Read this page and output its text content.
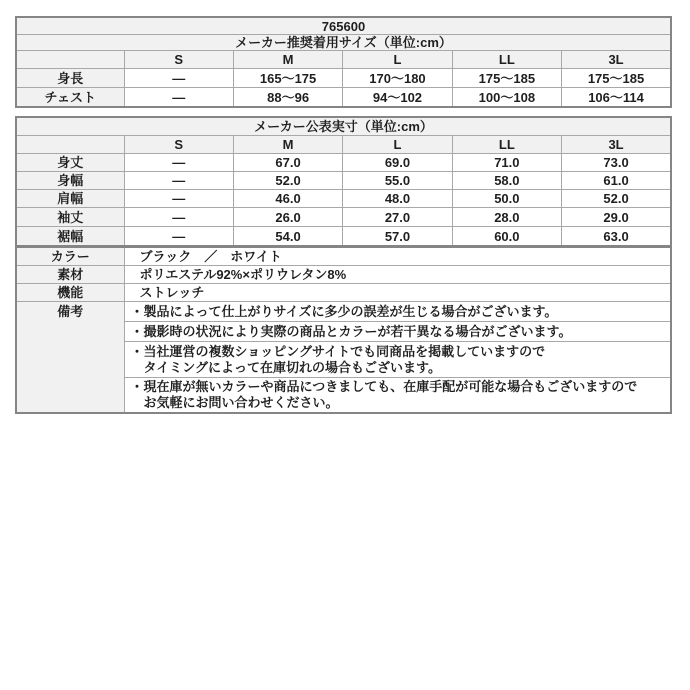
765600					
メーカー推奨着用サイズ（単位:cm）					
	S	M	L	LL	3L
身長	―	165～175	170～180	175～185	175～185
チェスト	―	88～96	94～102	100～108	106～114
メーカー公表実寸（単位:cm）					
	S	M	L	LL	3L
身丈	―	67.0	69.0	71.0	73.0
身幅	―	52.0	55.0	58.0	61.0
肩幅	―	46.0	48.0	50.0	52.0
袖丈	―	26.0	27.0	28.0	29.0
裾幅	―	54.0	57.0	60.0	63.0
カラー	ブラック　／　ホワイト
素材	ポリエステル92%×ポリウレタン8%
機能	ストレッチ
備考	・製品によって仕上がりサイズに多少の誤差が生じる場合がございます。
	・撮影時の状況により実際の商品とカラーが若干異なる場合がございます。
	・当社運営の複数ショッピングサイトでも同商品を掲載していますので
タイミングによって在庫切れの場合もございます。
	・現在庫が無いカラーや商品につきましても、在庫手配が可能な場合もございますので
お気軽にお問い合わせください。
